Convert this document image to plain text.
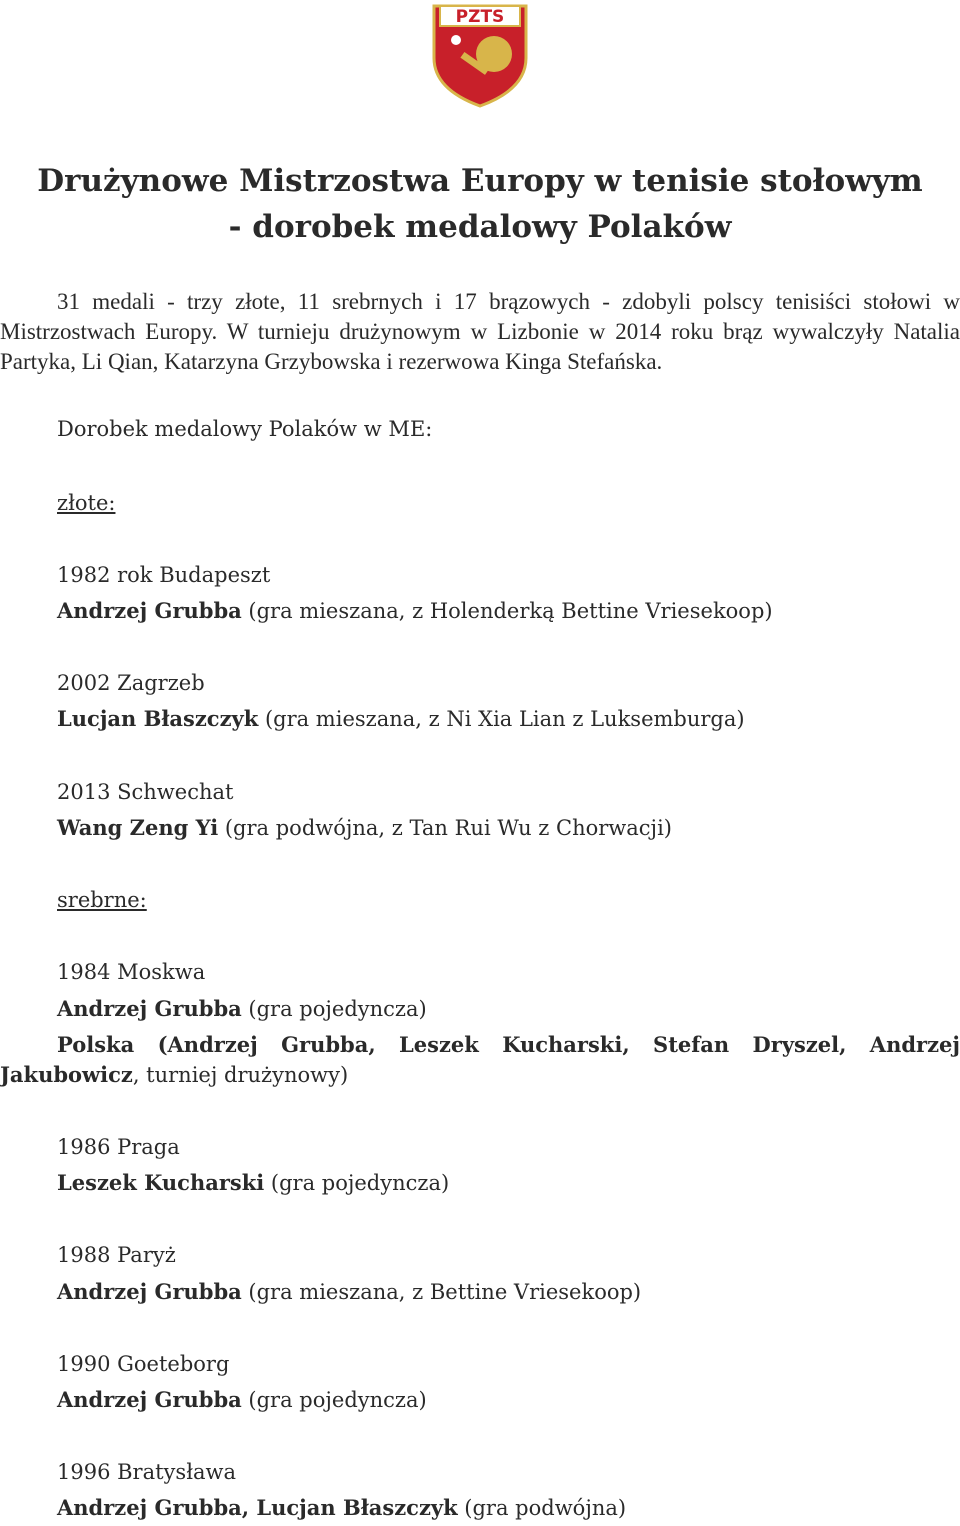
PZTS
Drużynowe Mistrzostwa Europy w tenisie stołowym
- dorobek medalowy Polaków

31 medali - trzy złote, 11 srebrnych i 17 brązowych - zdobyli polscy tenisiści stołowi w Mistrzostwach Europy. W turnieju drużynowym w Lizbonie w 2014 roku brąz wywalczyły Natalia Partyka, Li Qian, Katarzyna Grzybowska i rezerwowa Kinga Stefańska.

Dorobek medalowy Polaków w ME:
złote:
1982 rok Budapeszt
Andrzej Grubba (gra mieszana, z Holenderką Bettine Vriesekoop)
2002 Zagrzeb
Lucjan Błaszczyk (gra mieszana, z Ni Xia Lian z Luksemburga)
2013 Schwechat
Wang Zeng Yi (gra podwójna, z Tan Rui Wu z Chorwacji)
srebrne:
1984 Moskwa
Andrzej Grubba (gra pojedyncza)
Polska (Andrzej Grubba, Leszek Kucharski, Stefan Dryszel, Andrzej Jakubowicz, turniej drużynowy)
1986 Praga
Leszek Kucharski (gra pojedyncza)
1988 Paryż
Andrzej Grubba (gra mieszana, z Bettine Vriesekoop)
1990 Goeteborg
Andrzej Grubba (gra pojedyncza)
1996 Bratysława
Andrzej Grubba, Lucjan Błaszczyk (gra podwójna)
